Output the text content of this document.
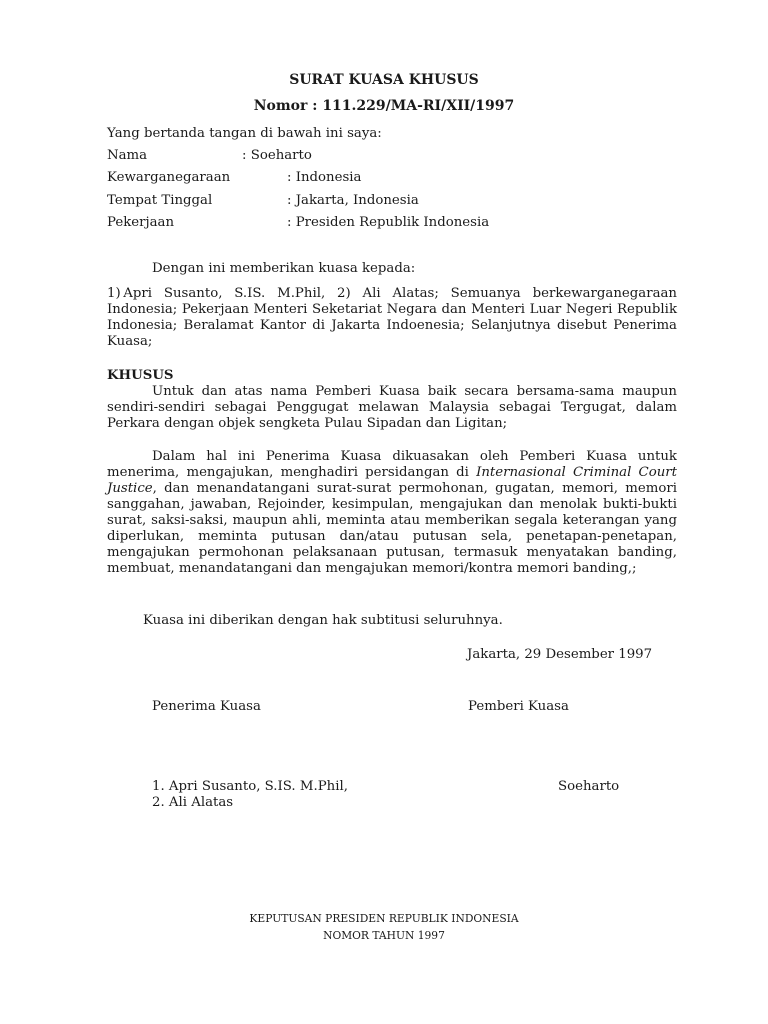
SURAT KUASA KHUSUS
Nomor : 111.229/MA-RI/XII/1997
Yang bertanda tangan di bawah ini saya:
Nama	: Soeharto
Kewarganegaraan	: Indonesia
Tempat Tinggal	: Jakarta, Indonesia
Pekerjaan	: Presiden Republik Indonesia
Dengan ini memberikan kuasa kepada:
1) Apri Susanto, S.IS. M.Phil, 2) Ali Alatas; Semuanya berkewarganegaraan Indonesia; Pekerjaan Menteri Seketariat Negara dan Menteri Luar Negeri Republik Indonesia; Beralamat Kantor di Jakarta Indoenesia; Selanjutnya disebut Penerima Kuasa;
KHUSUS
Untuk dan atas nama Pemberi Kuasa baik secara bersama-sama maupun sendiri-sendiri sebagai Penggugat melawan Malaysia sebagai Tergugat, dalam Perkara dengan objek sengketa Pulau Sipadan dan Ligitan;
Dalam hal ini Penerima Kuasa dikuasakan oleh Pemberi Kuasa untuk menerima, mengajukan, menghadiri persidangan di Internasional Criminal Court Justice, dan menandatangani surat-surat permohonan, gugatan, memori, memori sanggahan, jawaban, Rejoinder, kesimpulan, mengajukan dan menolak bukti-bukti surat, saksi-saksi, maupun ahli, meminta atau memberikan segala keterangan yang diperlukan, meminta putusan dan/atau putusan sela, penetapan-penetapan, mengajukan permohonan pelaksanaan putusan, termasuk menyatakan banding, membuat, menandatangani dan mengajukan memori/kontra memori banding,;
Kuasa ini diberikan dengan hak subtitusi seluruhnya.
Jakarta, 29 Desember 1997
Penerima Kuasa	Pemberi Kuasa
1. Apri Susanto, S.IS. M.Phil,
2. Ali Alatas
Soeharto
KEPUTUSAN PRESIDEN REPUBLIK INDONESIA
NOMOR TAHUN 1997
